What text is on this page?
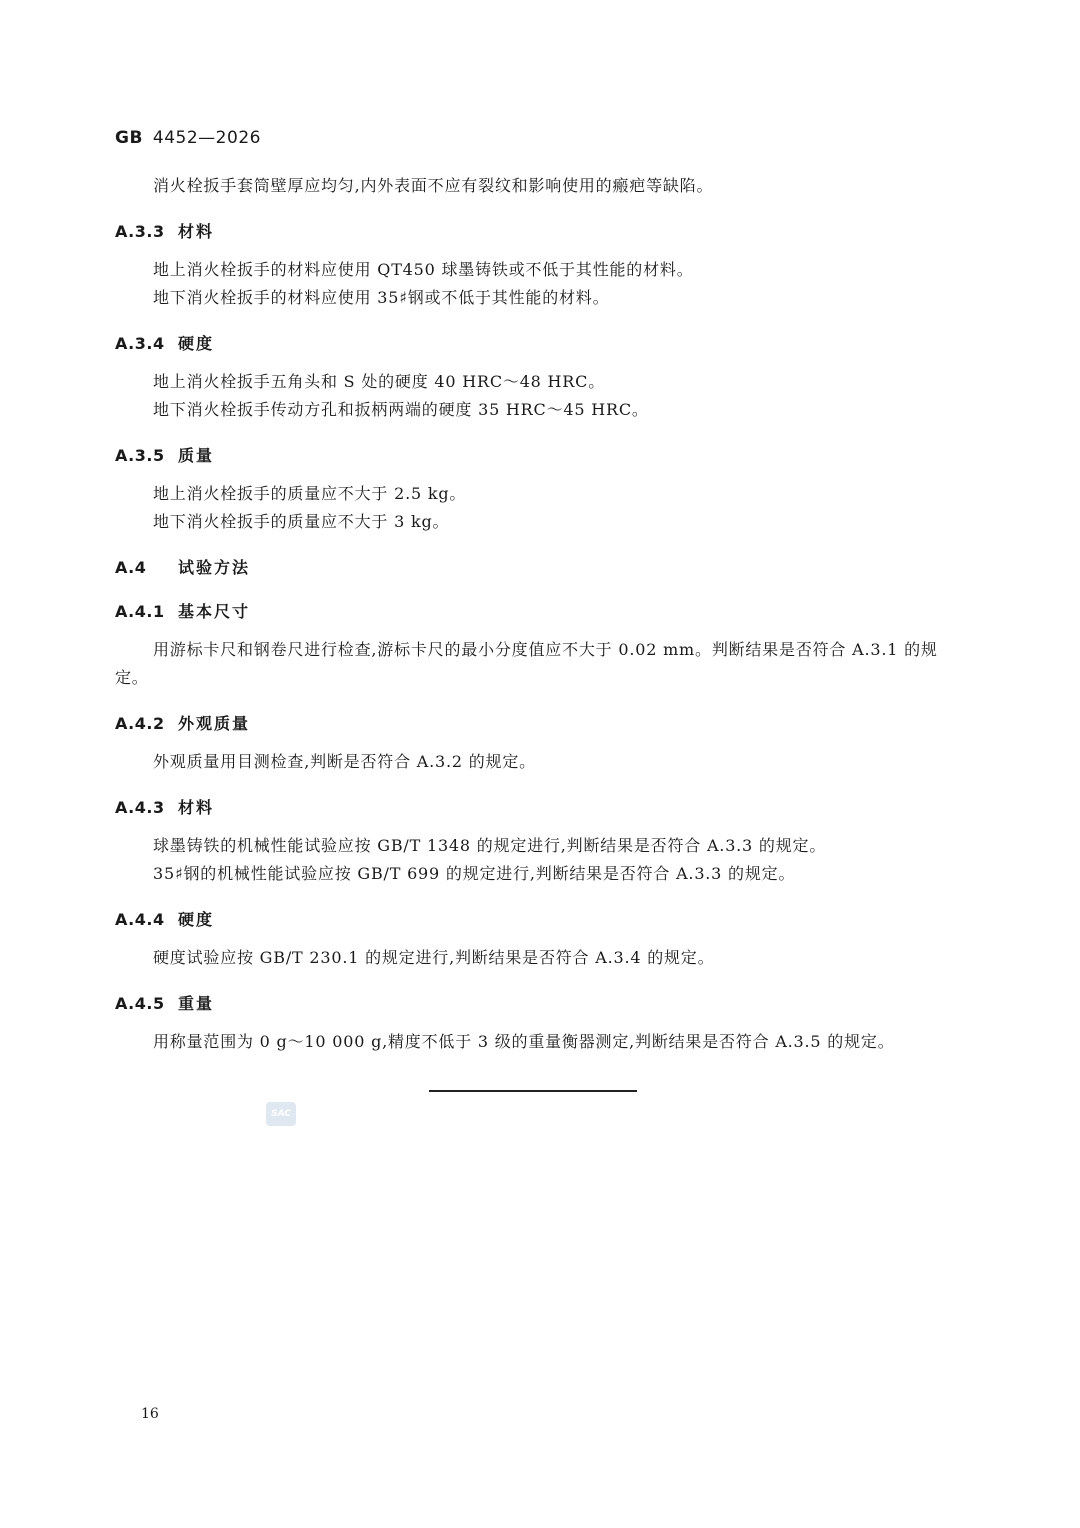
GB 4452—2026

消火栓扳手套筒壁厚应均匀,内外表面不应有裂纹和影响使用的瘢疤等缺陷。

A.3.3 材料

地上消火栓扳手的材料应使用 QT450 球墨铸铁或不低于其性能的材料。

地下消火栓扳手的材料应使用 35♯钢或不低于其性能的材料。

A.3.4 硬度

地上消火栓扳手五角头和 S 处的硬度 40 HRC～48 HRC。

地下消火栓扳手传动方孔和扳柄两端的硬度 35 HRC～45 HRC。

A.3.5 质量

地上消火栓扳手的质量应不大于 2.5 kg。

地下消火栓扳手的质量应不大于 3 kg。

A.4 试验方法
A.4.1 基本尺寸

用游标卡尺和钢卷尺进行检查,游标卡尺的最小分度值应不大于 0.02 mm。判断结果是否符合 A.3.1 的规定。

A.4.2 外观质量

外观质量用目测检查,判断是否符合 A.3.2 的规定。

A.4.3 材料

球墨铸铁的机械性能试验应按 GB/T 1348 的规定进行,判断结果是否符合 A.3.3 的规定。

35♯钢的机械性能试验应按 GB/T 699 的规定进行,判断结果是否符合 A.3.3 的规定。

A.4.4 硬度

硬度试验应按 GB/T 230.1 的规定进行,判断结果是否符合 A.3.4 的规定。

A.4.5 重量

用称量范围为 0 g～10 000 g,精度不低于 3 级的重量衡器测定,判断结果是否符合 A.3.5 的规定。

SAC
16
